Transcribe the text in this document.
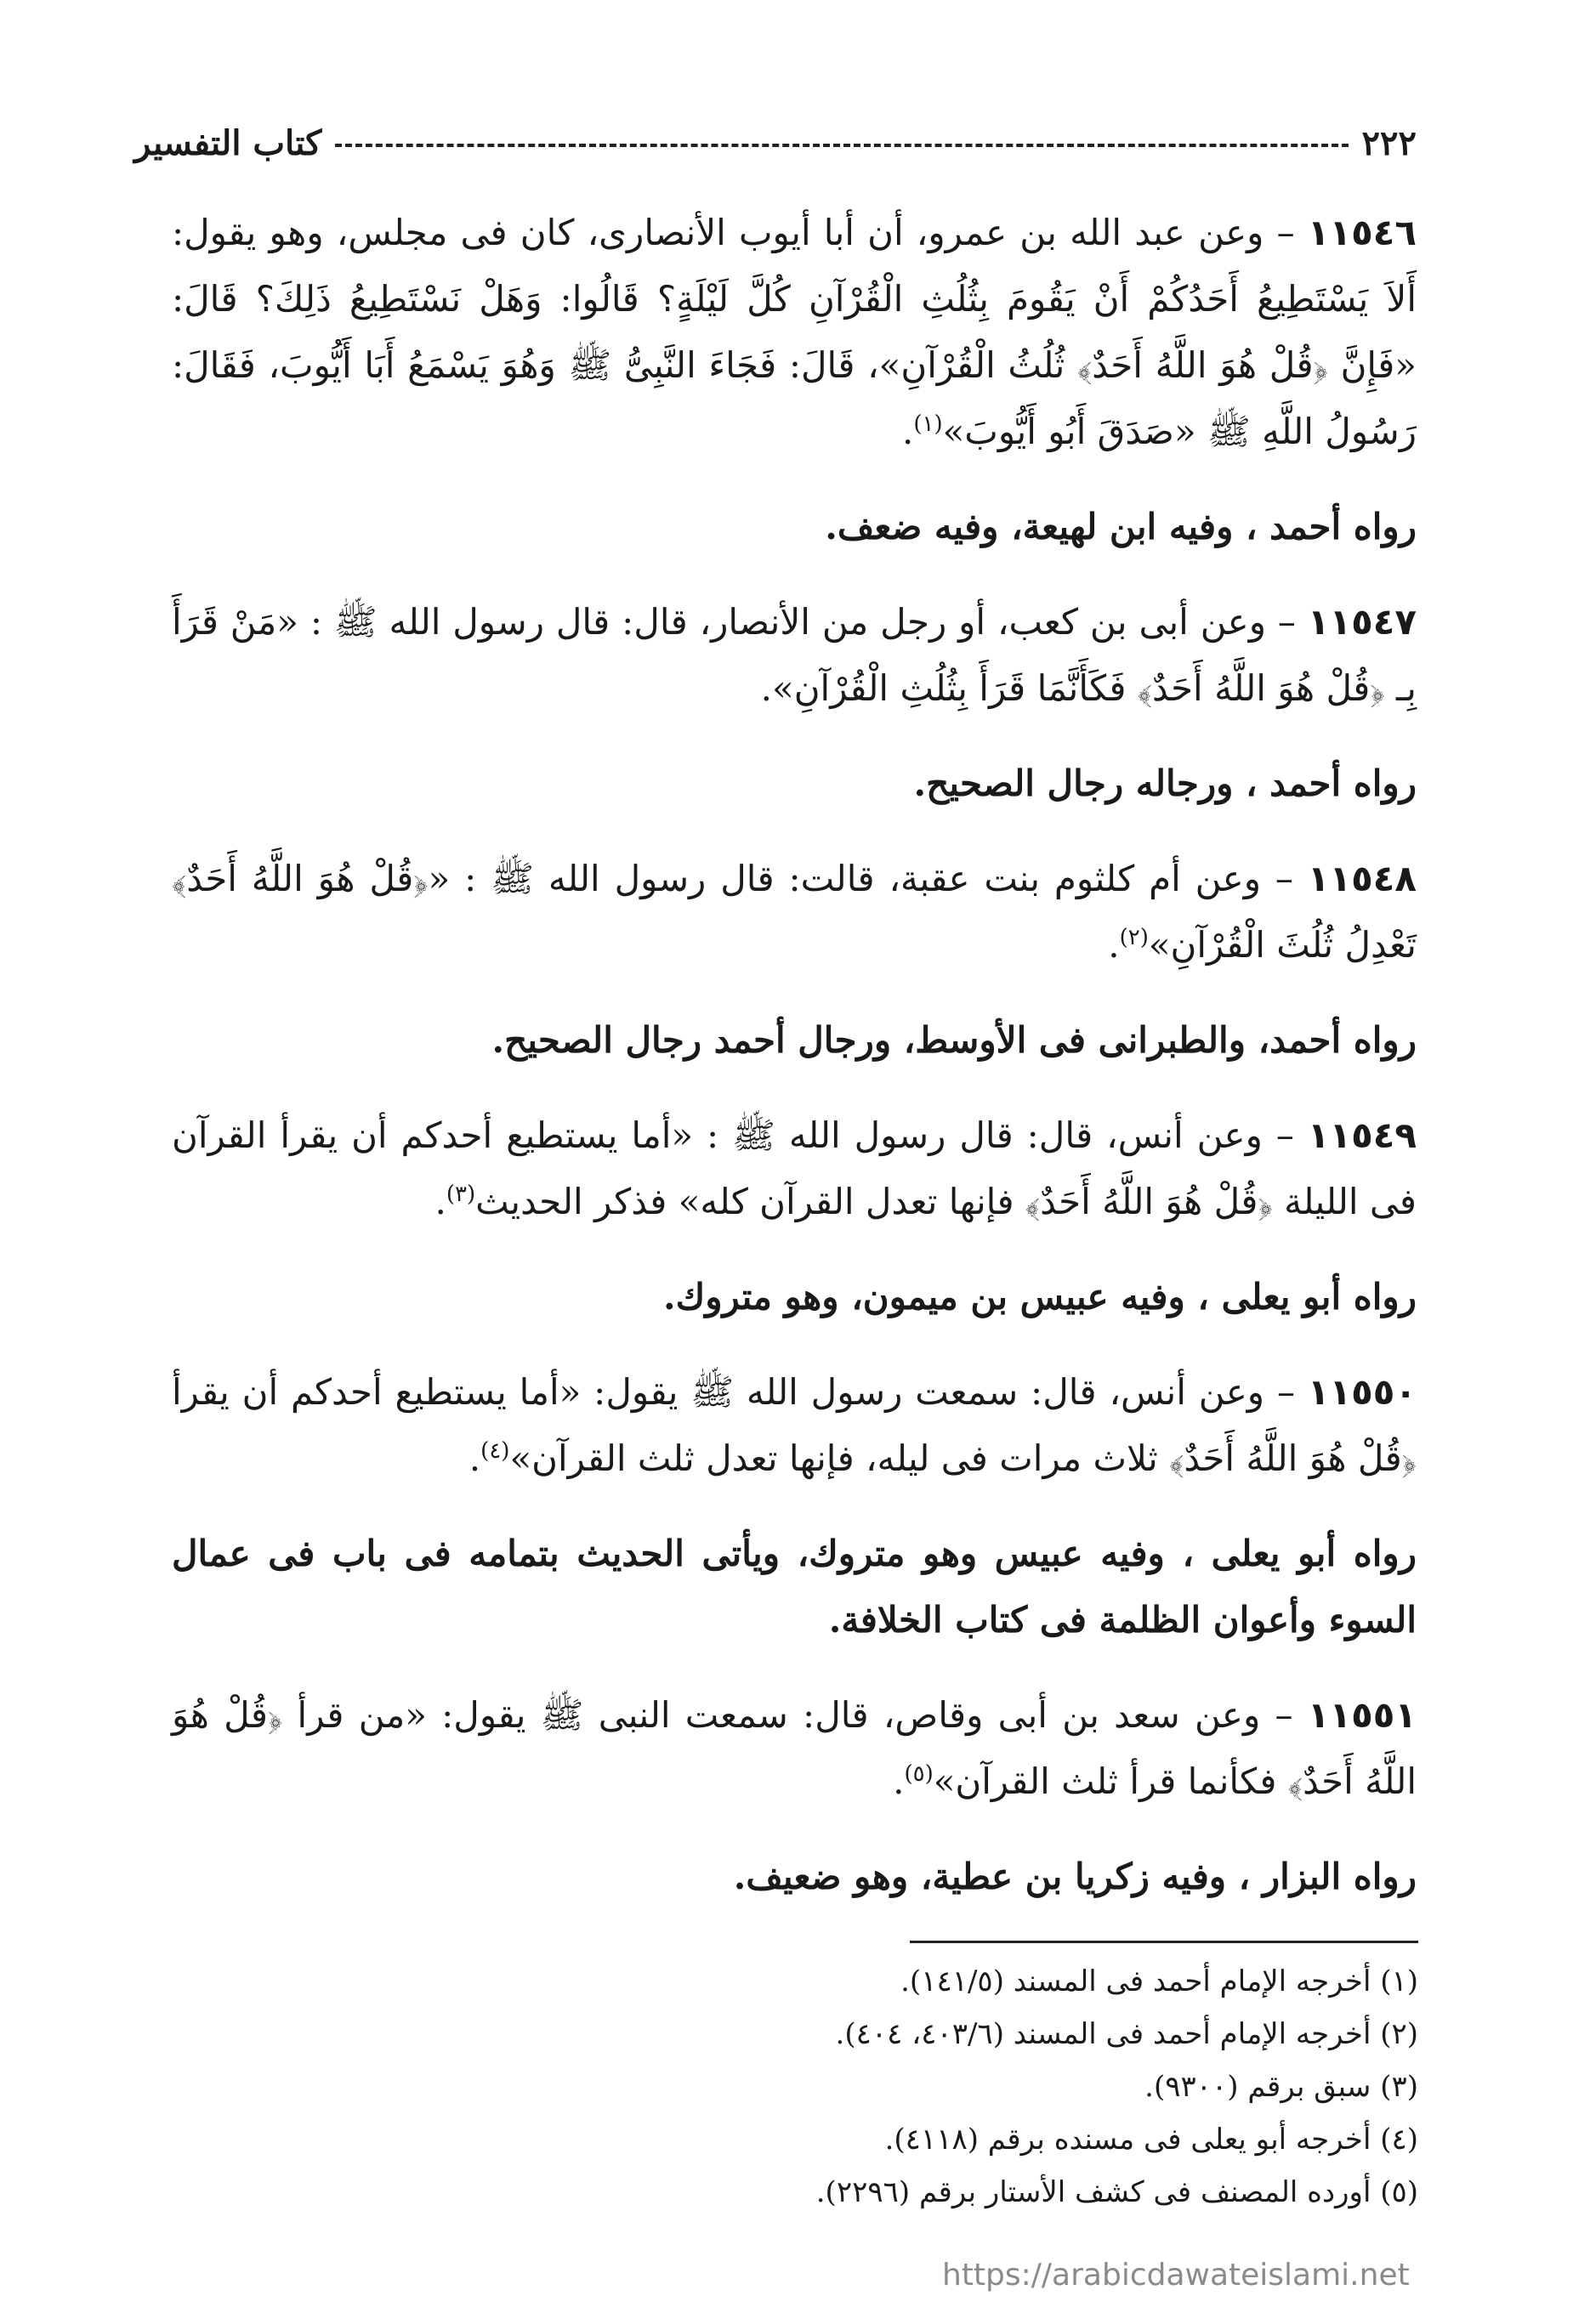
٢٢٢
كتاب التفسير

١١٥٤٦ – وعن عبد الله بن عمرو، أن أبا أيوب الأنصارى، كان فى مجلس، وهو يقول: أَلاَ يَسْتَطِيعُ أَحَدُكُمْ أَنْ يَقُومَ بِثُلُثِ الْقُرْآنِ كُلَّ لَيْلَةٍ؟ قَالُوا: وَهَلْ نَسْتَطِيعُ ذَلِكَ؟ قَالَ: «فَإِنَّ ﴿قُلْ هُوَ اللَّهُ أَحَدٌ﴾ ثُلُثُ الْقُرْآنِ»، قَالَ: فَجَاءَ النَّبِىُّ ﷺ وَهُوَ يَسْمَعُ أَبَا أَيُّوبَ، فَقَالَ: رَسُولُ اللَّهِ ﷺ «صَدَقَ أَبُو أَيُّوبَ»$^{(١)}$.

رواه أحمد ، وفيه ابن لهيعة، وفيه ضعف.

١١٥٤٧ – وعن أبى بن كعب، أو رجل من الأنصار، قال: قال رسول الله ﷺ : «مَنْ قَرَأَ بِـ ﴿قُلْ هُوَ اللَّهُ أَحَدٌ﴾ فَكَأَنَّمَا قَرَأَ بِثُلُثِ الْقُرْآنِ».

رواه أحمد ، ورجاله رجال الصحيح.

١١٥٤٨ – وعن أم كلثوم بنت عقبة، قالت: قال رسول الله ﷺ : «﴿قُلْ هُوَ اللَّهُ أَحَدٌ﴾ تَعْدِلُ ثُلُثَ الْقُرْآنِ»$^{(٢)}$.

رواه أحمد، والطبرانى فى الأوسط، ورجال أحمد رجال الصحيح.

١١٥٤٩ – وعن أنس، قال: قال رسول الله ﷺ : «أما يستطيع أحدكم أن يقرأ القرآن فى الليلة ﴿قُلْ هُوَ اللَّهُ أَحَدٌ﴾ فإنها تعدل القرآن كله» فذكر الحديث$^{(٣)}$.

رواه أبو يعلى ، وفيه عبيس بن ميمون، وهو متروك.

١١٥٥٠ – وعن أنس، قال: سمعت رسول الله ﷺ يقول: «أما يستطيع أحدكم أن يقرأ ﴿قُلْ هُوَ اللَّهُ أَحَدٌ﴾ ثلاث مرات فى ليله، فإنها تعدل ثلث القرآن»$^{(٤)}$.

رواه أبو يعلى ، وفيه عبيس وهو متروك، ويأتى الحديث بتمامه فى باب فى عمال السوء وأعوان الظلمة فى كتاب الخلافة.

١١٥٥١ – وعن سعد بن أبى وقاص، قال: سمعت النبى ﷺ يقول: «من قرأ ﴿قُلْ هُوَ اللَّهُ أَحَدٌ﴾ فكأنما قرأ ثلث القرآن»$^{(٥)}$.

رواه البزار ، وفيه زكريا بن عطية، وهو ضعيف.

(١) أخرجه الإمام أحمد فى المسند (١٤١/٥).
(٢) أخرجه الإمام أحمد فى المسند (٤٠٣/٦، ٤٠٤).
(٣) سبق برقم (٩٣٠٠).
(٤) أخرجه أبو يعلى فى مسنده برقم (٤١١٨).
(٥) أورده المصنف فى كشف الأستار برقم (٢٢٩٦).
https://arabicdawateislami.net
